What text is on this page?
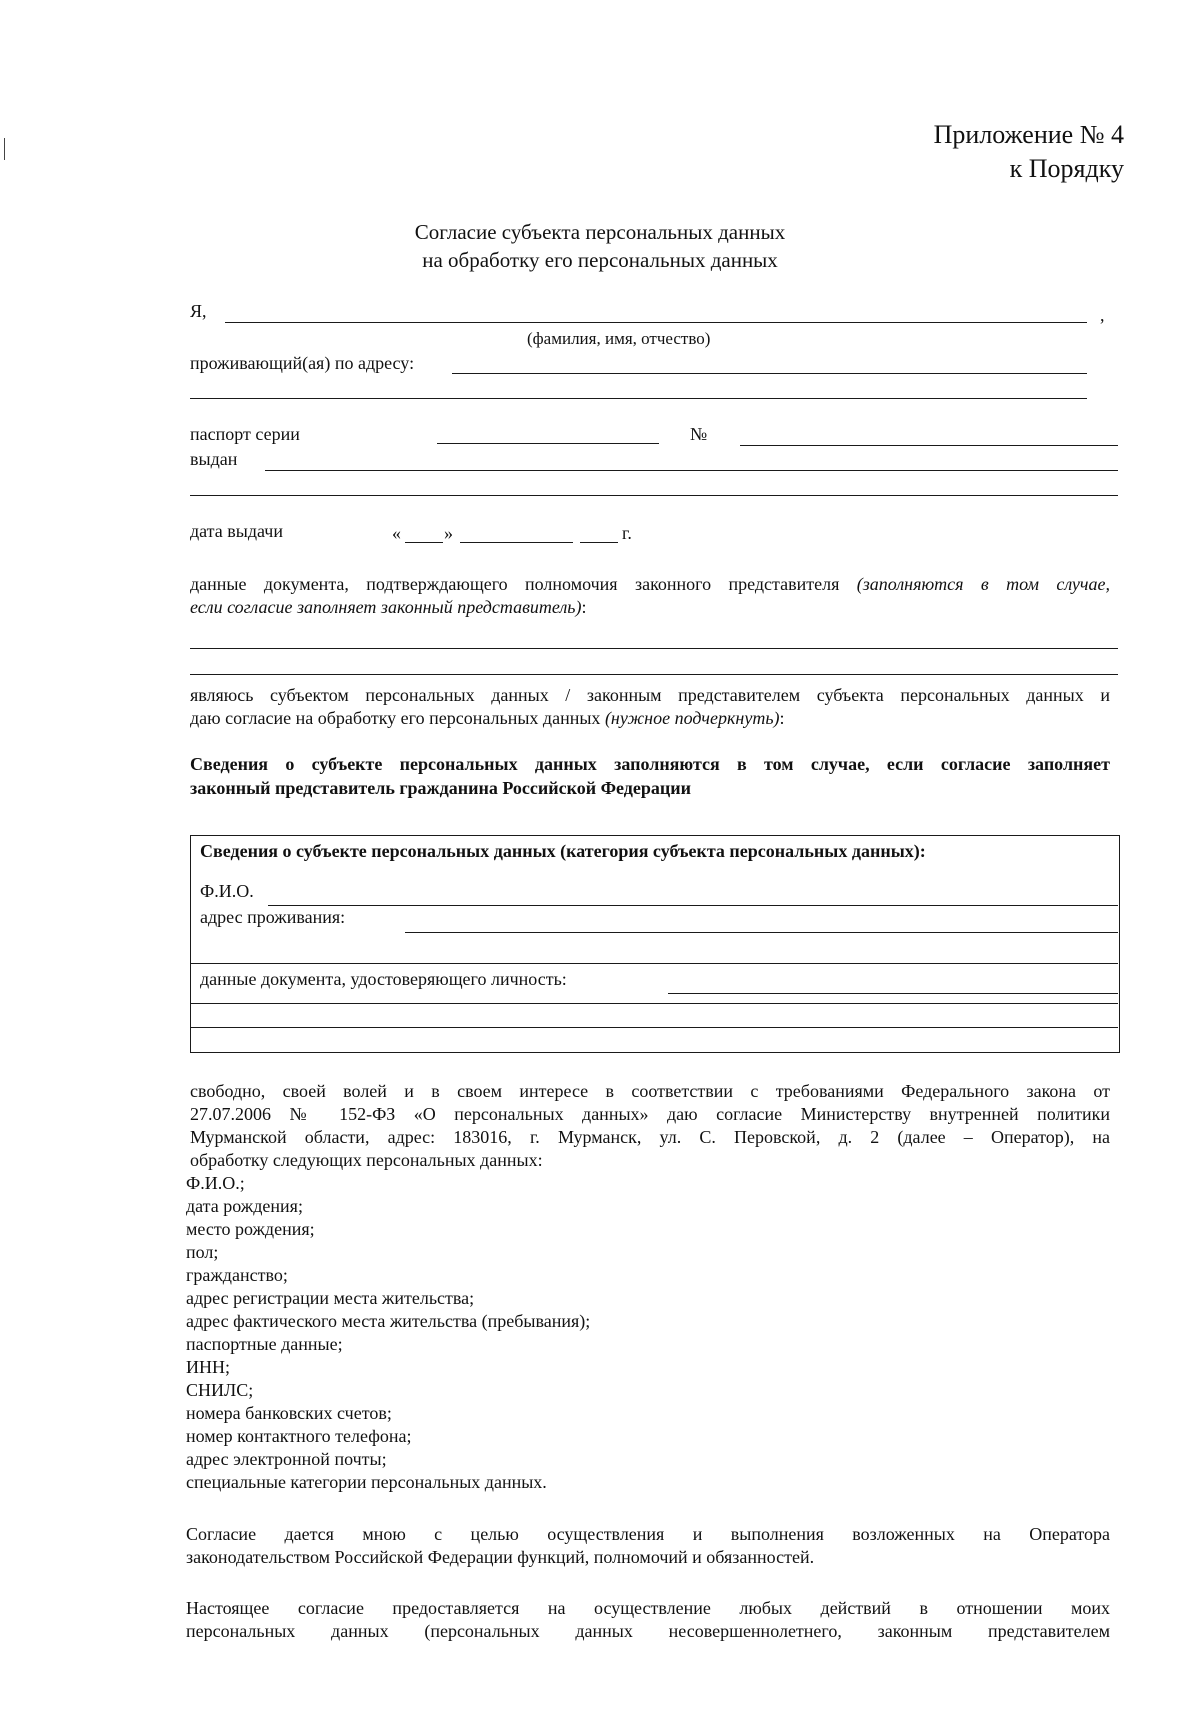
Приложение № 4
к Порядку
Согласие субъекта персональных данных
на обработку его персональных данных
Я,	,
(фамилия, имя, отчество)
проживающий(ая) по адресу:
паспорт серии	№
выдан
дата выдачи	« »	г.
данные документа, подтверждающего полномочия законного представителя (заполняются в том случае,
если согласие заполняет законный представитель):
являюсь субъектом персональных данных / законным представителем субъекта персональных данных и
даю согласие на обработку его персональных данных (нужное подчеркнуть):
Сведения о субъекте персональных данных заполняются в том случае, если согласие заполняет
законный представитель гражданина Российской Федерации
Сведения о субъекте персональных данных (категория субъекта персональных данных):
Ф.И.О.
адрес проживания:
данные документа, удостоверяющего личность:
свободно, своей волей и в своем интересе в соответствии с требованиями Федерального закона от
27.07.2006 № 152-ФЗ «О персональных данных» даю согласие Министерству внутренней политики
Мурманской области, адрес: 183016, г. Мурманск, ул. С. Перовской, д. 2 (далее – Оператор), на
обработку следующих персональных данных:
Ф.И.О.;
дата рождения;
место рождения;
пол;
гражданство;
адрес регистрации места жительства;
адрес фактического места жительства (пребывания);
паспортные данные;
ИНН;
СНИЛС;
номера банковских счетов;
номер контактного телефона;
адрес электронной почты;
специальные категории персональных данных.
Согласие дается мною с целью осуществления и выполнения возложенных на Оператора
законодательством Российской Федерации функций, полномочий и обязанностей.
Настоящее согласие предоставляется на осуществление любых действий в отношении моих
персональных данных (персональных данных несовершеннолетнего, законным представителем
